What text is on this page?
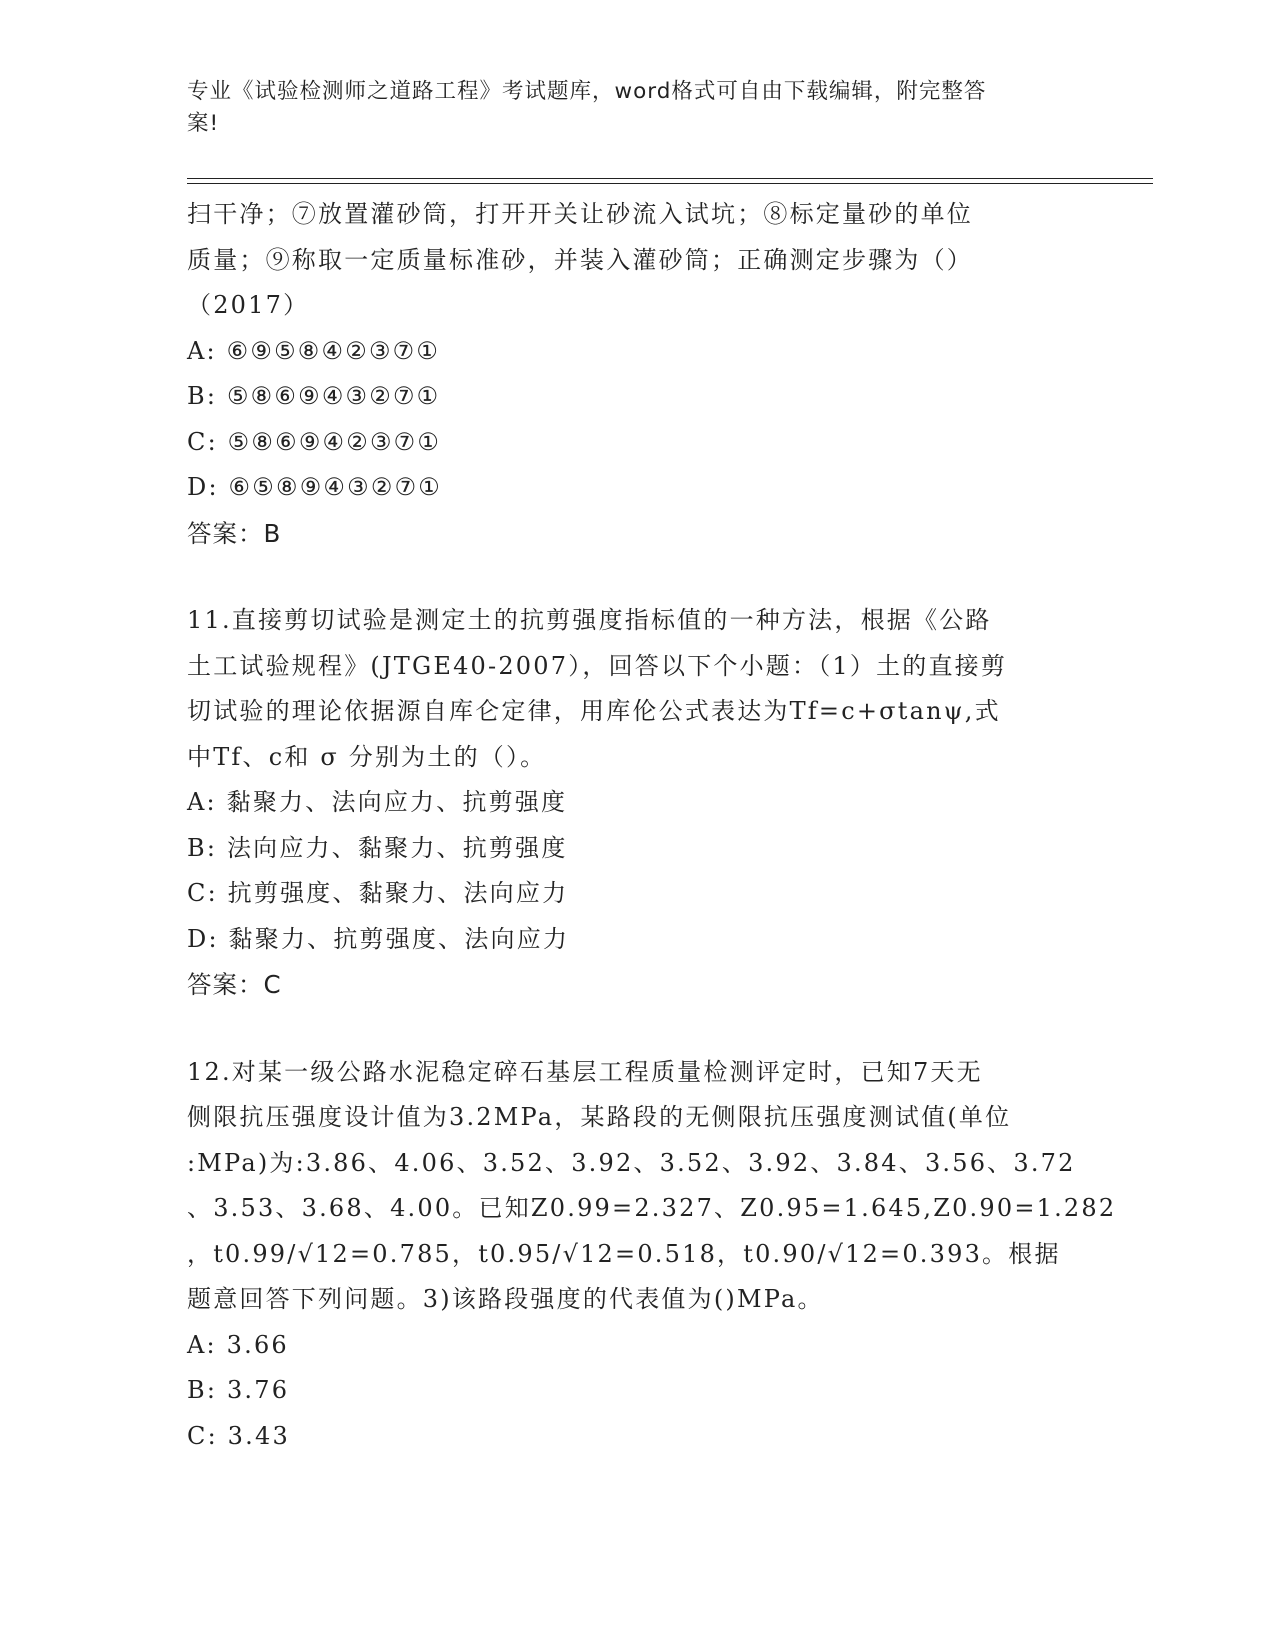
专业《试验检测师之道路工程》考试题库，word格式可自由下载编辑，附完整答
案!
扫干净；⑦放置灌砂筒，打开开关让砂流入试坑；⑧标定量砂的单位
质量；⑨称取一定质量标准砂，并装入灌砂筒；正确测定步骤为（）
（2017）
A: ⑥⑨⑤⑧④②③⑦①
B: ⑤⑧⑥⑨④③②⑦①
C: ⑤⑧⑥⑨④②③⑦①
D: ⑥⑤⑧⑨④③②⑦①
答案：B
11.直接剪切试验是测定土的抗剪强度指标值的一种方法，根据《公路
土工试验规程》(JTGE40-2007），回答以下个小题：（1）土的直接剪
切试验的理论依据源自库仑定律，用库伦公式表达为Tf=c+σtanψ,式
中Tf、c和 σ 分别为土的（）。
A: 黏聚力、法向应力、抗剪强度
B: 法向应力、黏聚力、抗剪强度
C: 抗剪强度、黏聚力、法向应力
D: 黏聚力、抗剪强度、法向应力
答案：C
12.对某一级公路水泥稳定碎石基层工程质量检测评定时，已知7天无
侧限抗压强度设计值为3.2MPa，某路段的无侧限抗压强度测试值(单位
:MPa)为:3.86、4.06、3.52、3.92、3.52、3.92、3.84、3.56、3.72
、3.53、3.68、4.00。已知Z0.99=2.327、Z0.95=1.645,Z0.90=1.282
，t0.99/√12=0.785，t0.95/√12=0.518，t0.90/√12=0.393。根据
题意回答下列问题。3)该路段强度的代表值为()MPa。
A: 3.66
B: 3.76
C: 3.43
